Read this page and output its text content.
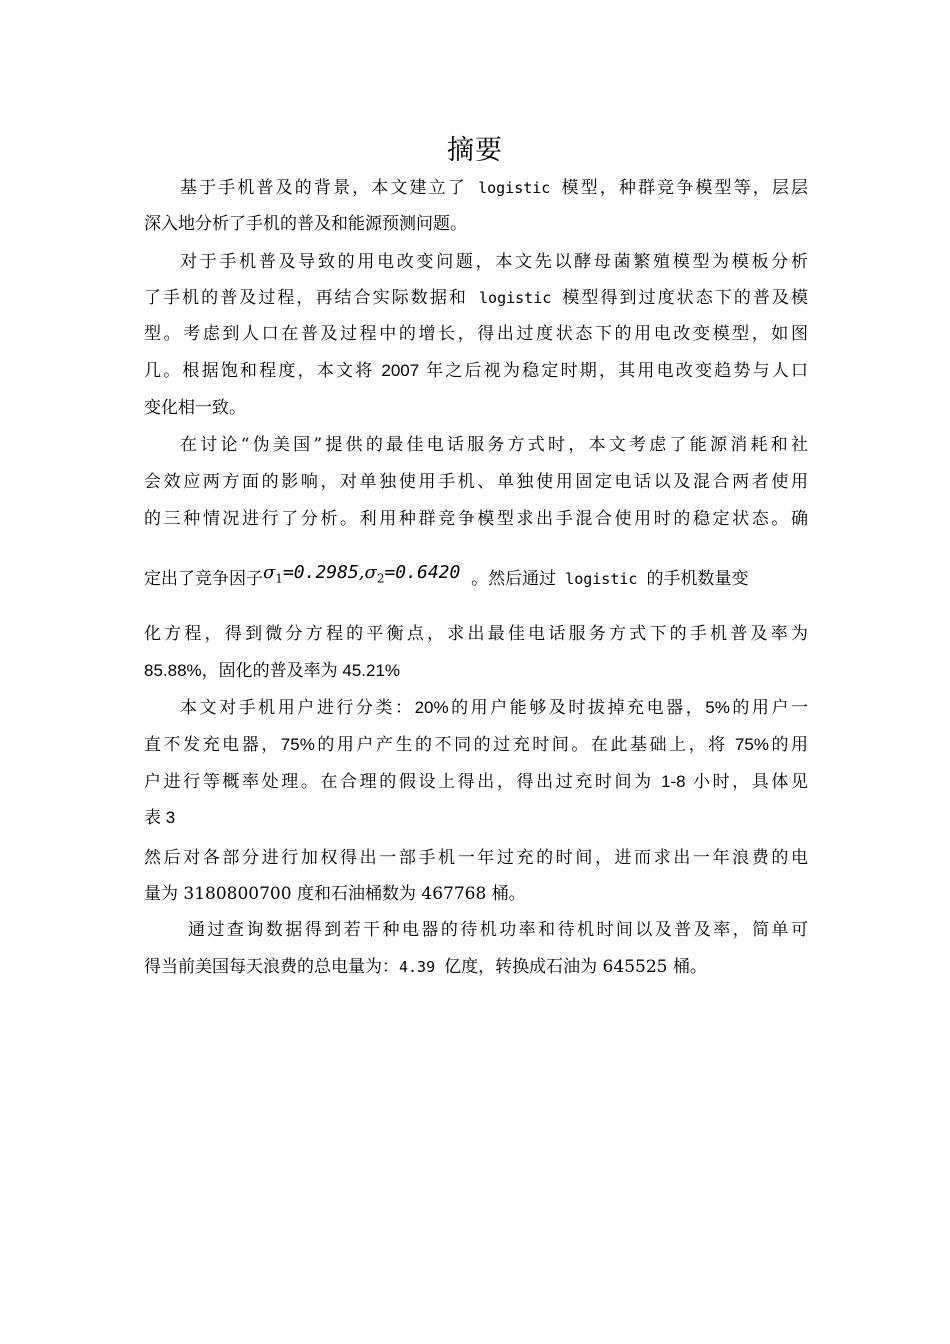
摘要
基于手机普及的背景，本文建立了 logistic 模型，种群竞争模型等，层层
深入地分析了手机的普及和能源预测问题。
对于手机普及导致的用电改变问题，本文先以酵母菌繁殖模型为模板分析
了手机的普及过程，再结合实际数据和 logistic 模型得到过度状态下的普及模
型。考虑到人口在普及过程中的增长，得出过度状态下的用电改变模型，如图
几。根据饱和程度，本文将 2007 年之后视为稳定时期，其用电改变趋势与人口
变化相一致。
在讨论“伪美国”提供的最佳电话服务方式时，本文考虑了能源消耗和社
会效应两方面的影响，对单独使用手机、单独使用固定电话以及混合两者使用
的三种情况进行了分析。利用种群竞争模型求出手混合使用时的稳定状态。确
定出了竞争因子$\sigma_1=0.2985,\sigma_2=0.6420$ 。然后通过 logistic 的手机数量变
化方程，得到微分方程的平衡点，求出最佳电话服务方式下的手机普及率为
85.88%，固化的普及率为 45.21%
本文对手机用户进行分类：20%的用户能够及时拔掉充电器，5%的用户一
直不发充电器，75%的用户产生的不同的过充时间。在此基础上，将 75%的用
户进行等概率处理。在合理的假设上得出，得出过充时间为 1-8 小时，具体见
表 3
然后对各部分进行加权得出一部手机一年过充的时间，进而求出一年浪费的电
量为 3180800700 度和石油桶数为 467768 桶。
通过查询数据得到若干种电器的待机功率和待机时间以及普及率，简单可
得当前美国每天浪费的总电量为：4.39 亿度，转换成石油为 645525 桶。
